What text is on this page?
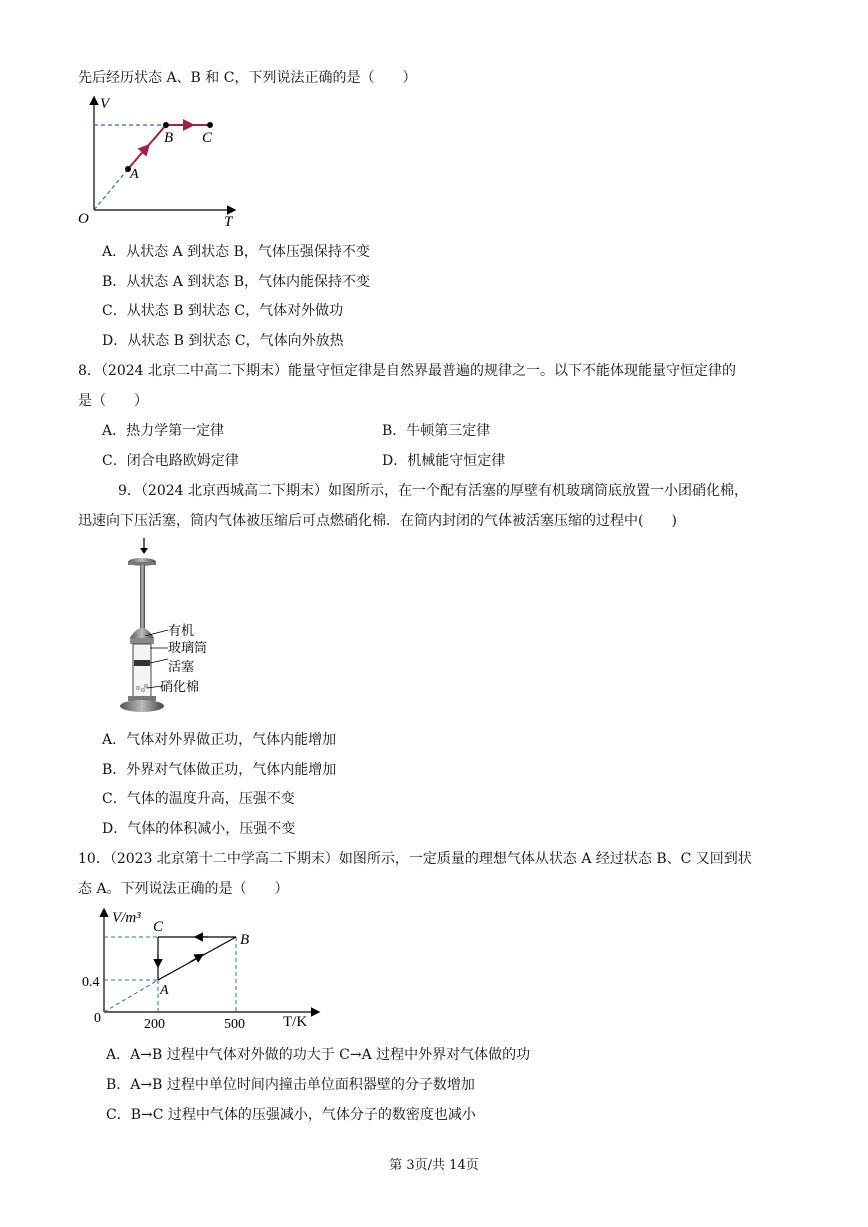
先后经历状态 A、B 和 C，下列说法正确的是（　　）
V
O	T
A
B C
A．从状态 A 到状态 B，气体压强保持不变
B．从状态 A 到状态 B，气体内能保持不变
C．从状态 B 到状态 C，气体对外做功
D．从状态 B 到状态 C，气体向外放热
8．（2024 北京二中高二下期末）能量守恒定律是自然界最普遍的规律之一。以下不能体现能量守恒定律的
是（　　）
A．热力学第一定律	B．牛顿第三定律
C．闭合电路欧姆定律	D．机械能守恒定律
9．（2024 北京西城高二下期末）如图所示，在一个配有活塞的厚壁有机玻璃筒底放置一小团硝化棉，
迅速向下压活塞，筒内气体被压缩后可点燃硝化棉．在筒内封闭的气体被活塞压缩的过程中(　　)
有机
玻璃筒
活塞
硝化棉
A．气体对外界做正功，气体内能增加
B．外界对气体做正功，气体内能增加
C．气体的温度升高，压强不变
D．气体的体积减小，压强不变
10．（2023 北京第十二中学高二下期末）如图所示，一定质量的理想气体从状态 A 经过状态 B、C 又回到状
态 A。下列说法正确的是（　　）
V/m³
C
B
A
0.4
0	200	500	T/K
A．A→B 过程中气体对外做的功大于 C→A 过程中外界对气体做的功
B．A→B 过程中单位时间内撞击单位面积器壁的分子数增加
C．B→C 过程中气体的压强减小，气体分子的数密度也减小
第 3页/共 14页
